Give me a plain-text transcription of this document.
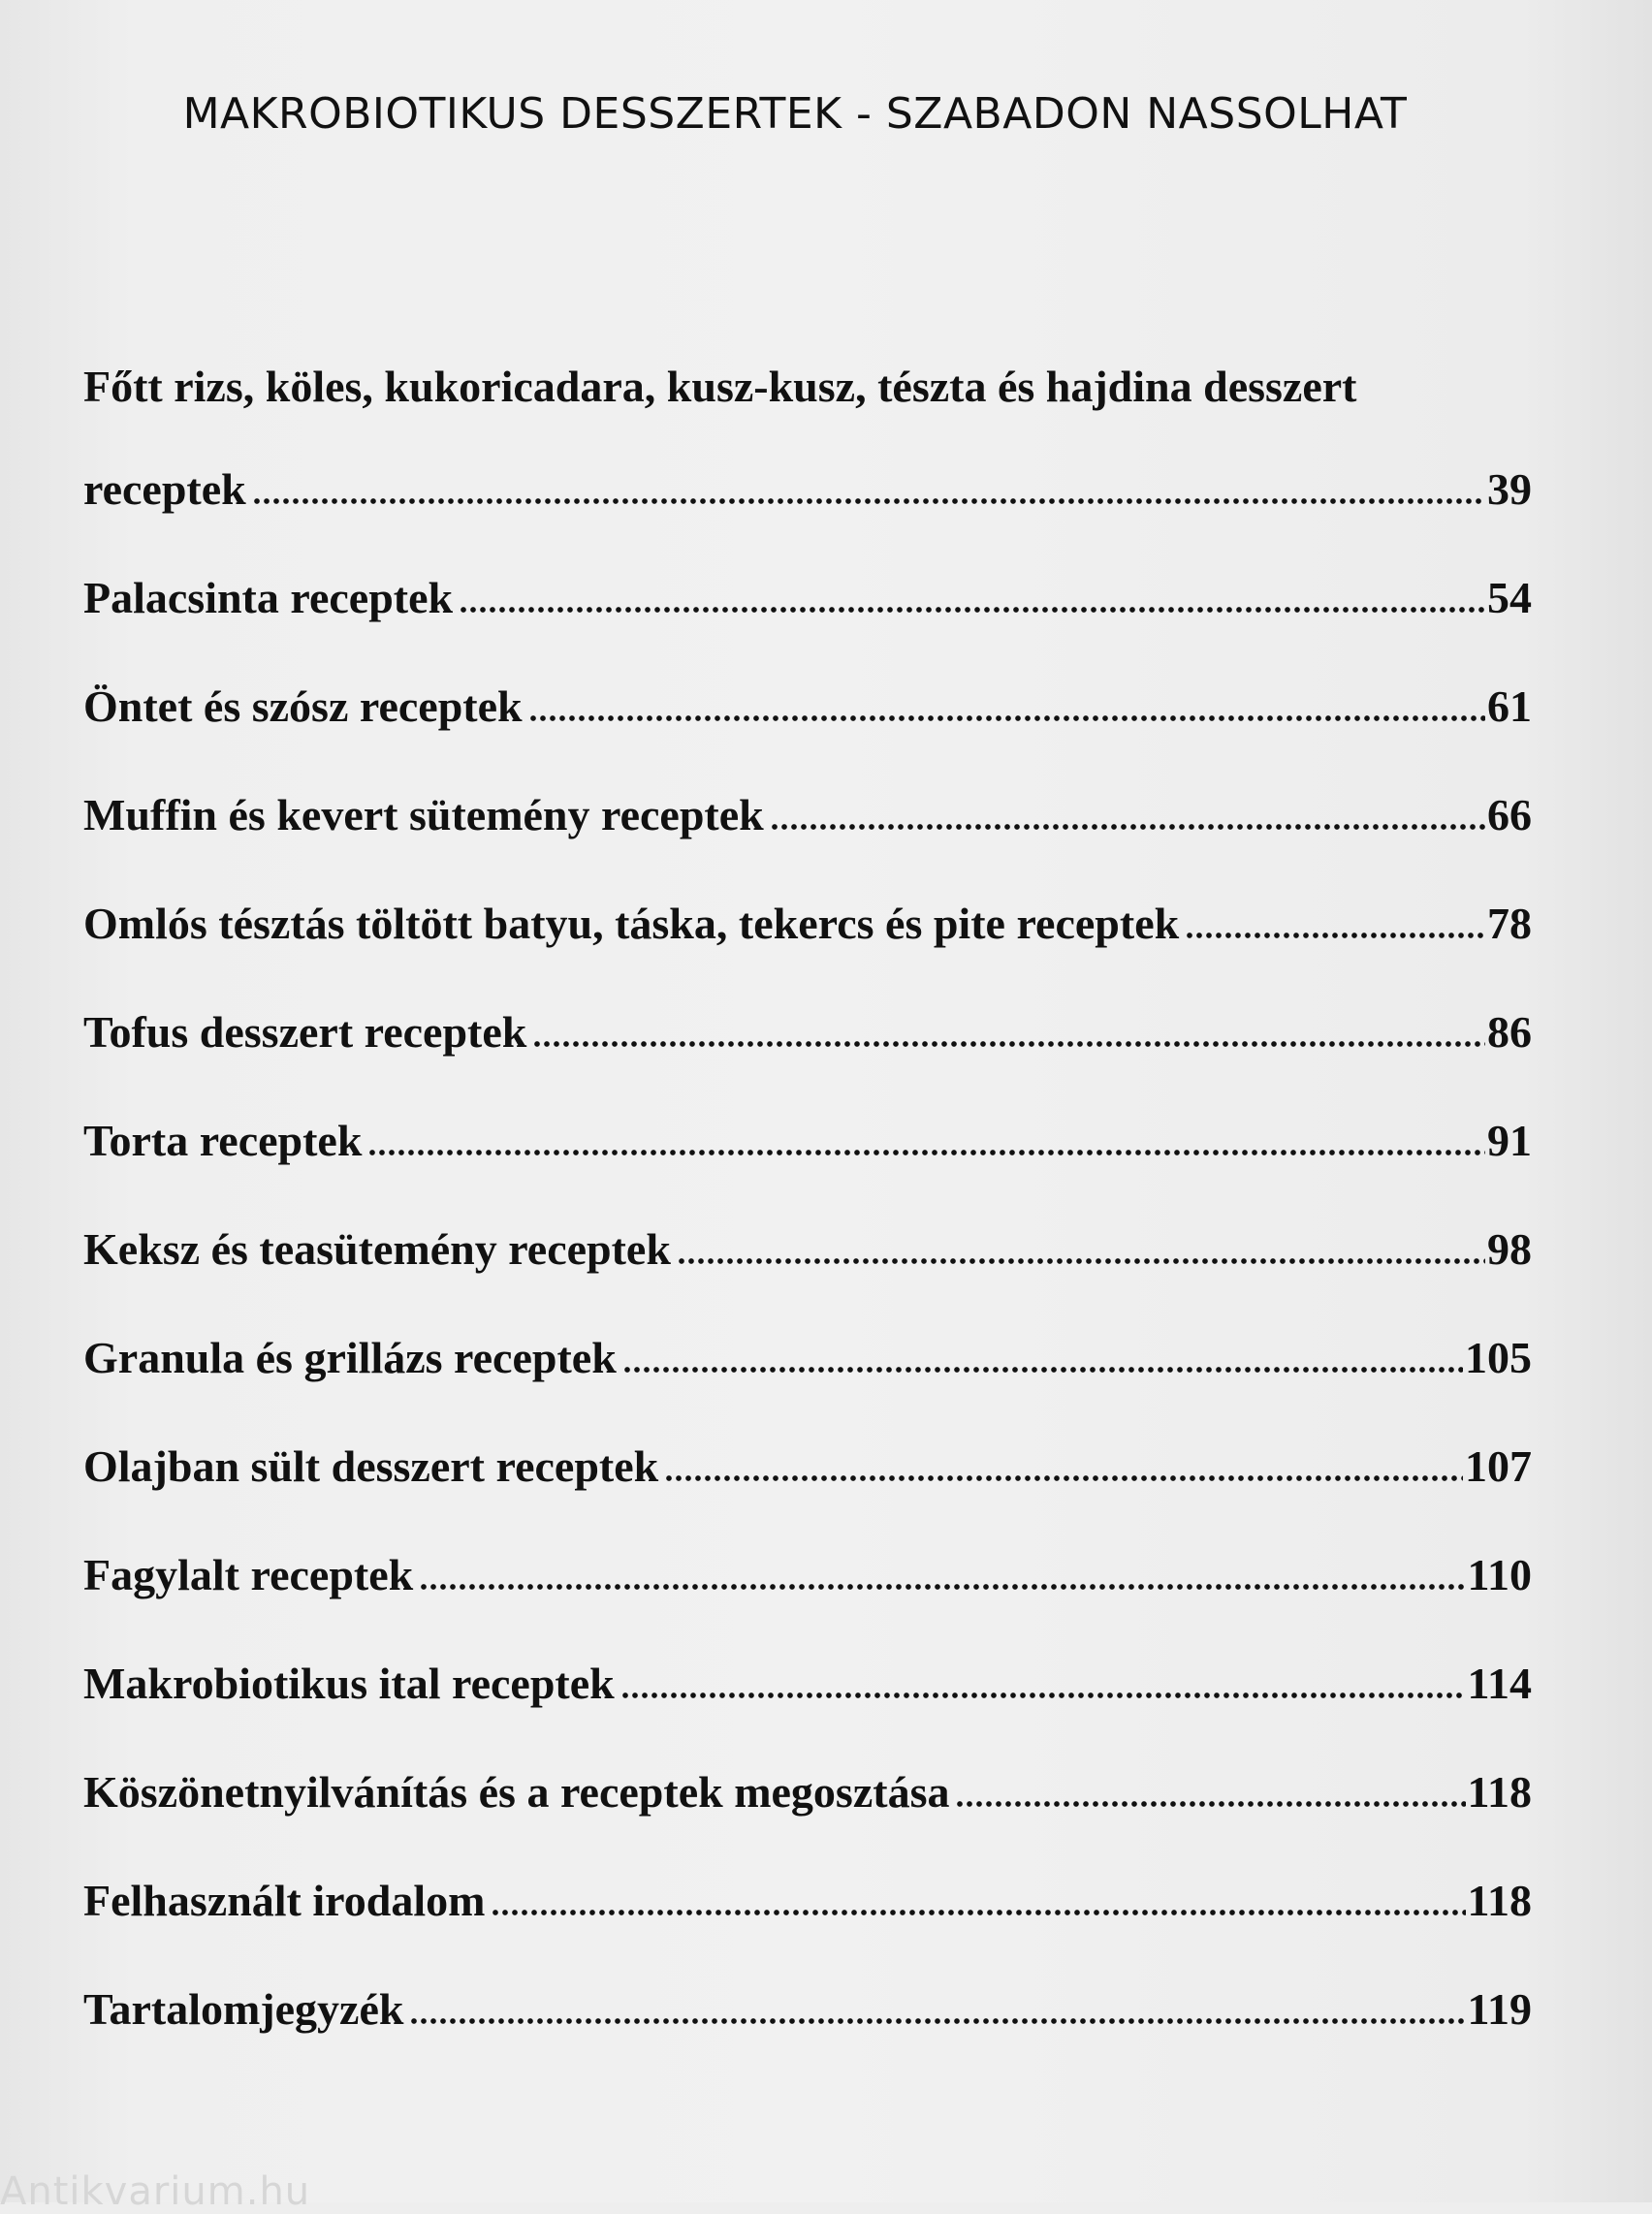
MAKROBIOTIKUS DESSZERTEK - SZABADON NASSOLHAT
Főtt rizs, köles, kukoricadara, kusz-kusz, tészta és hajdina desszert
receptek	39
Palacsinta receptek	54
Öntet és szósz receptek	61
Muffin és kevert sütemény receptek	66
Omlós tésztás töltött batyu, táska, tekercs és pite receptek	78
Tofus desszert receptek	86
Torta receptek	91
Keksz és teasütemény receptek	98
Granula és grillázs receptek	105
Olajban sült desszert receptek	107
Fagylalt receptek	110
Makrobiotikus ital receptek	114
Köszönetnyilvánítás és a receptek megosztása	118
Felhasznált irodalom	118
Tartalomjegyzék	119
Antikvarium.hu
